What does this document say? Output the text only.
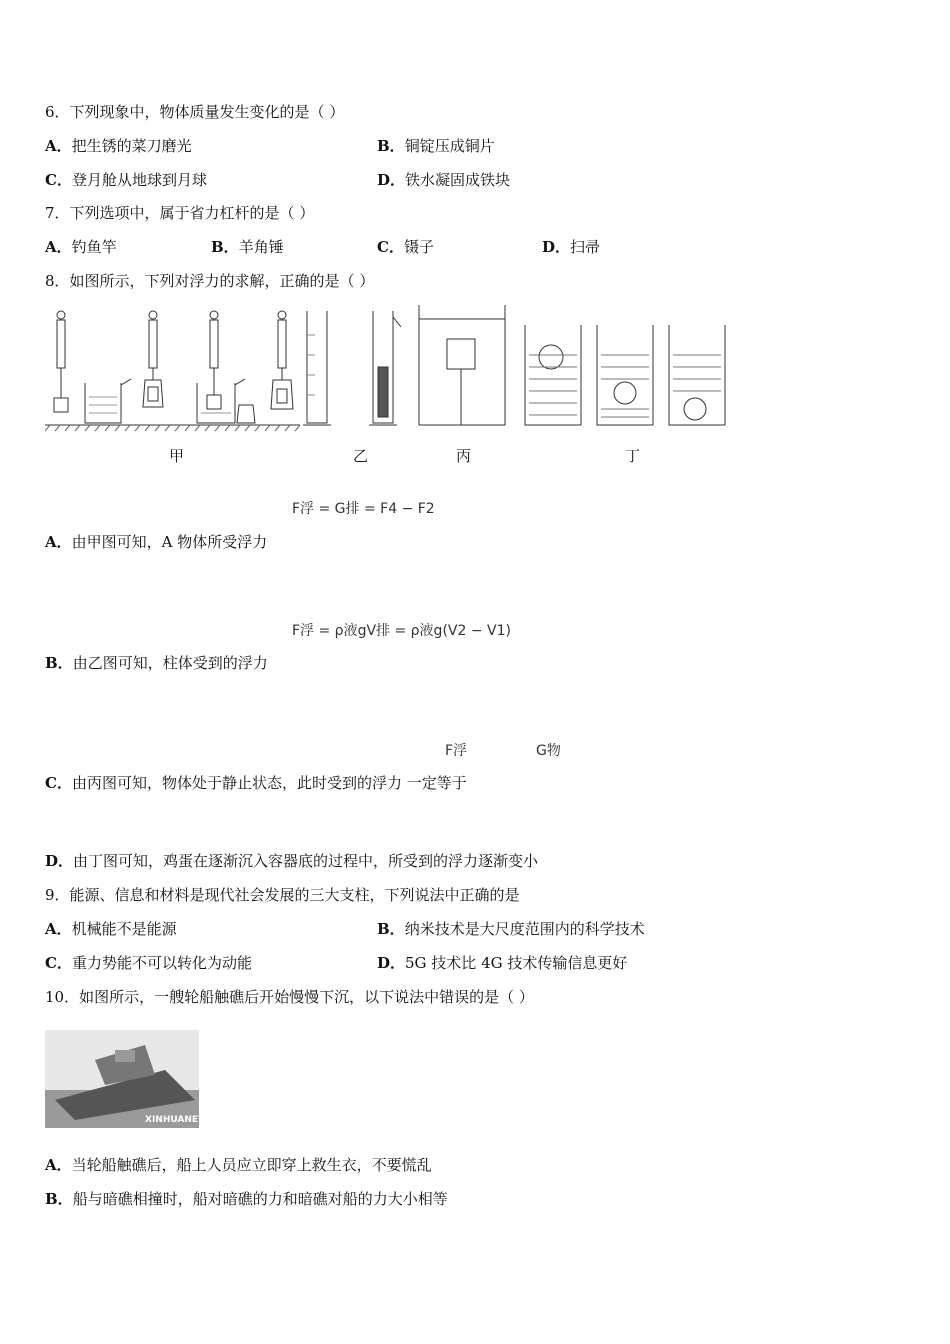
6．下列现象中，物体质量发生变化的是（ ）
A．把生锈的菜刀磨光	B．铜锭压成铜片
C．登月舱从地球到月球	D．铁水凝固成铁块
7．下列选项中，属于省力杠杆的是（ ）
A．钓鱼竿	B．羊角锤	C．镊子	D．扫帚
8．如图所示，下列对浮力的求解，正确的是（ ）
甲	乙	丙	丁
F浮 = G排 = F4 − F2
A．由甲图可知，A 物体所受浮力
F浮 = ρ液gV排 = ρ液g(V2 − V1)
B．由乙图可知，柱体受到的浮力
F浮	G物
C．由丙图可知，物体处于静止状态，此时受到的浮力 一定等于
D．由丁图可知，鸡蛋在逐渐沉入容器底的过程中，所受到的浮力逐渐变小
9．能源、信息和材料是现代社会发展的三大支柱，下列说法中正确的是
A．机械能不是能源	B．纳米技术是大尺度范围内的科学技术
C．重力势能不可以转化为动能	D．5G 技术比 4G 技术传输信息更好
10．如图所示，一艘轮船触礁后开始慢慢下沉，以下说法中错误的是（ ）
XINHUANET
A．当轮船触礁后，船上人员应立即穿上救生衣，不要慌乱
B．船与暗礁相撞时，船对暗礁的力和暗礁对船的力大小相等
